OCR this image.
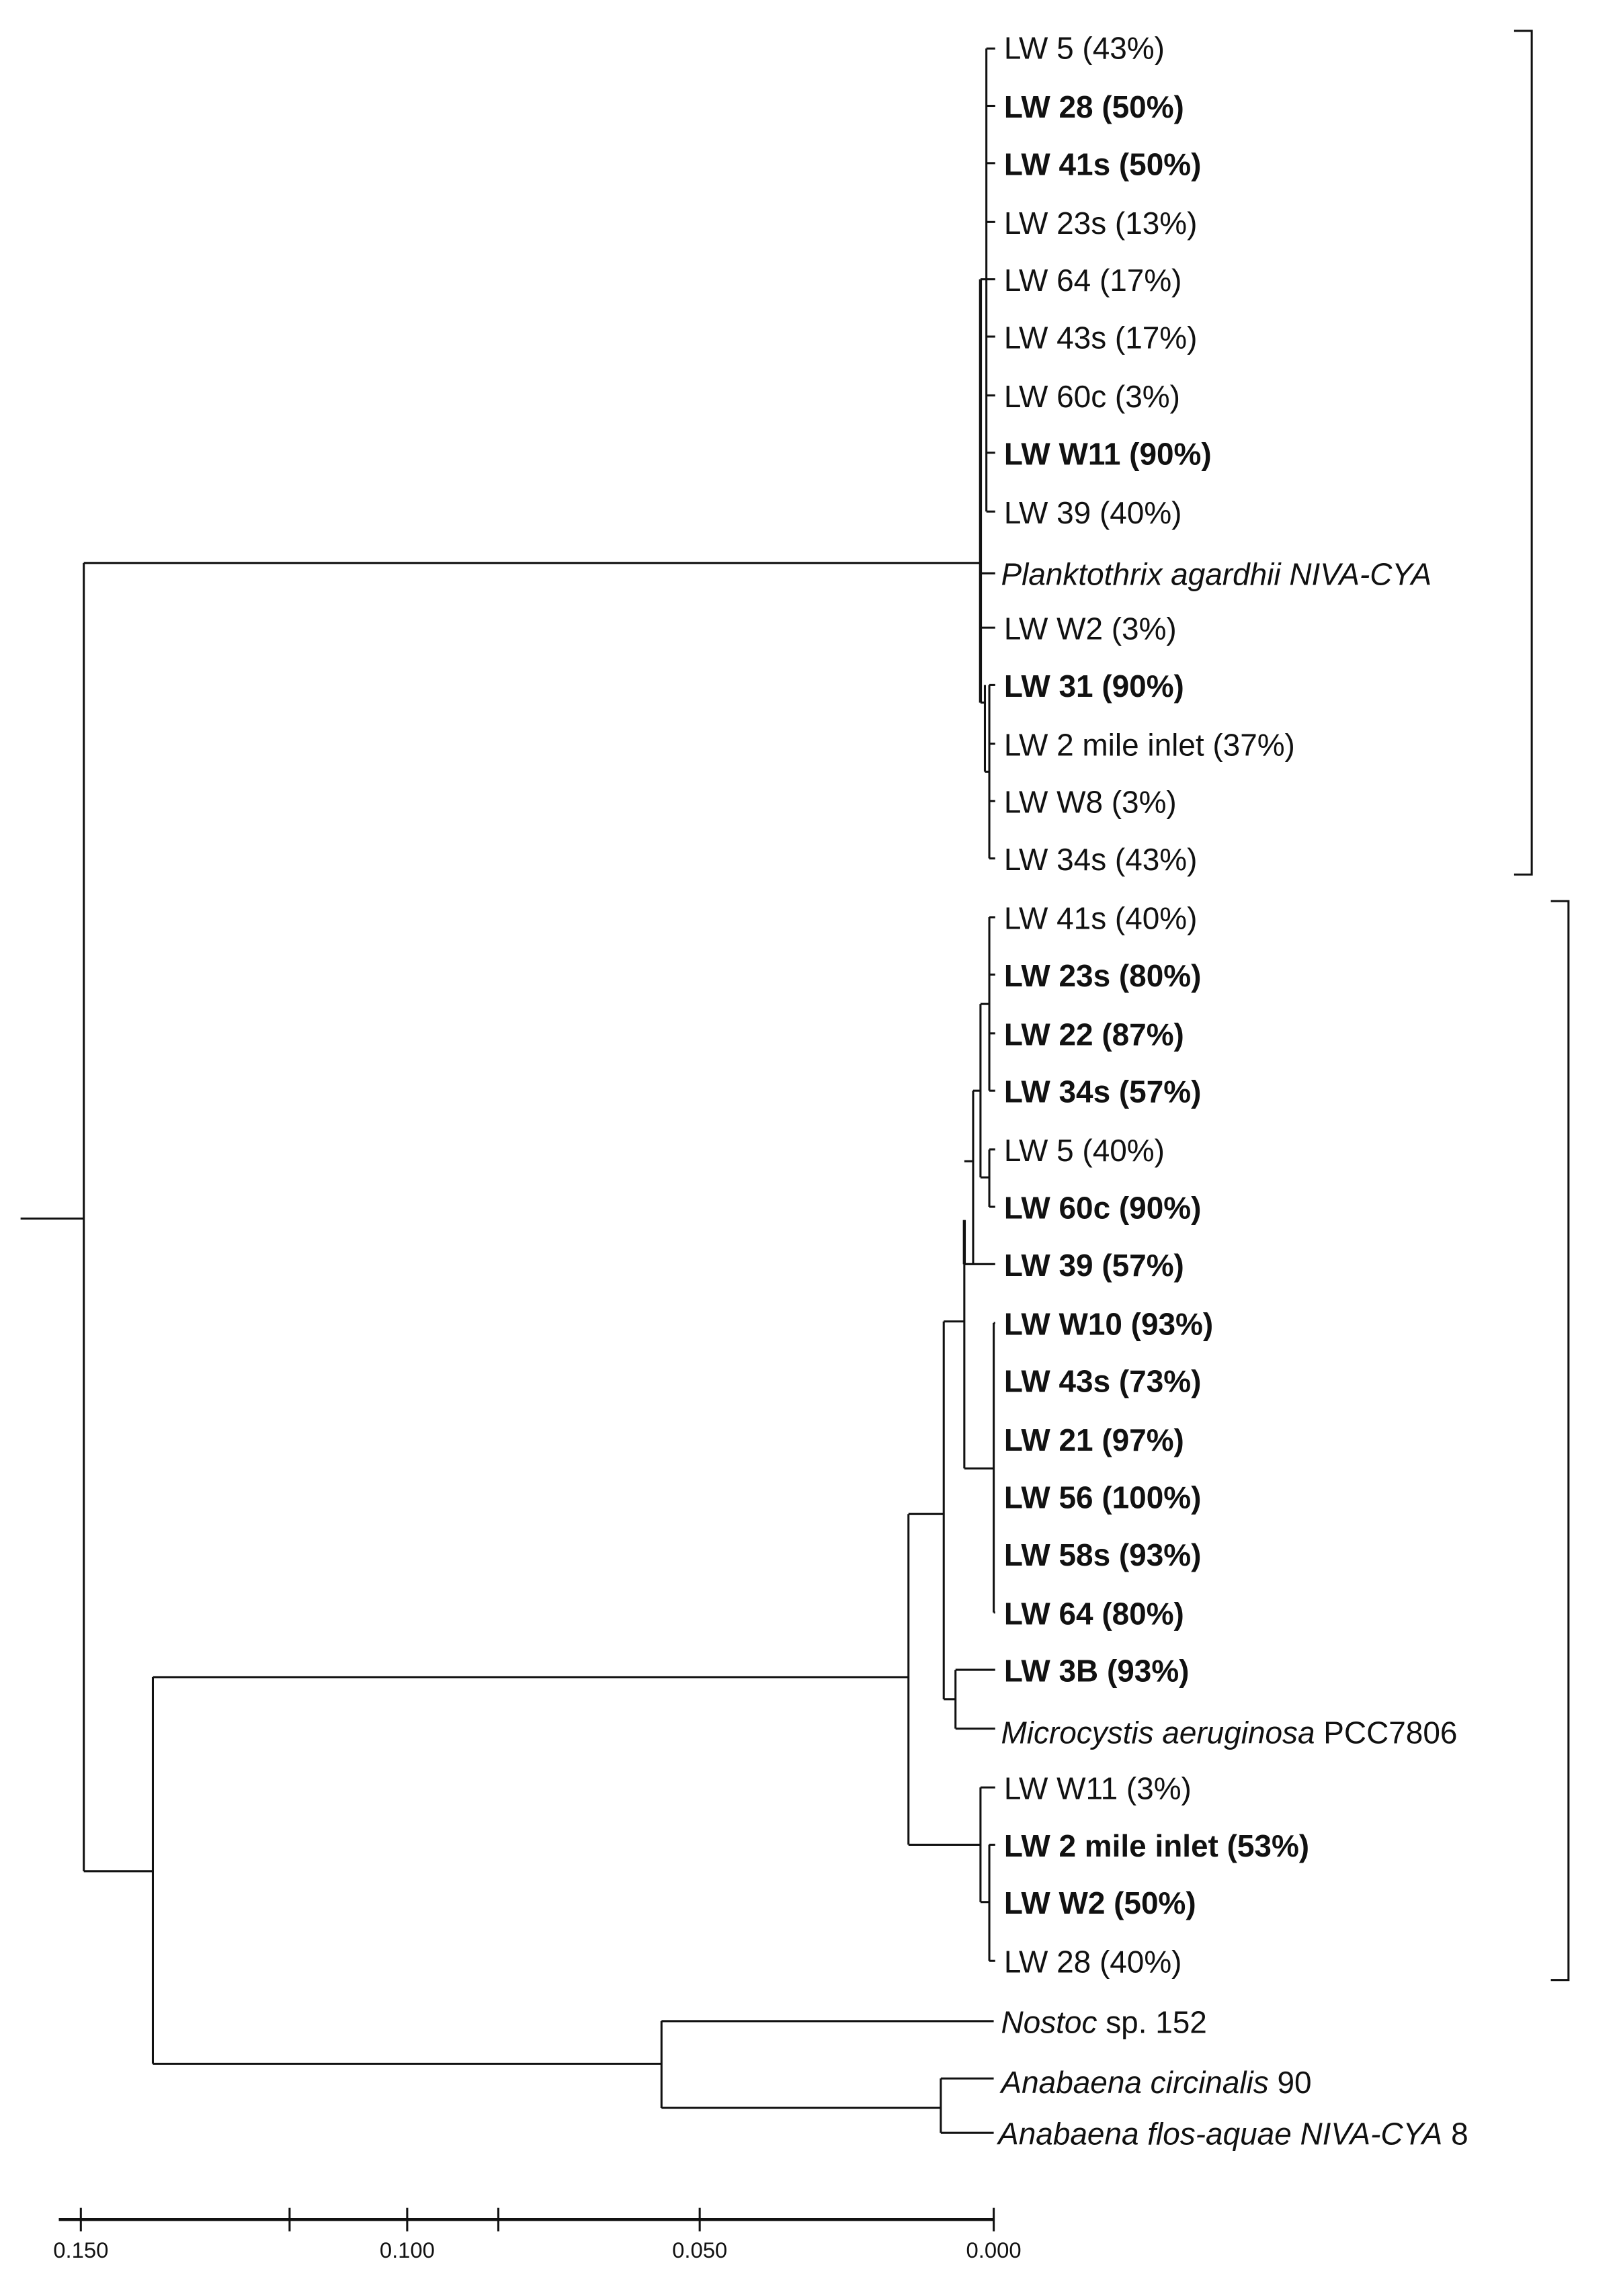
LW 5 (43%)
LW 28 (50%)
LW 41s (50%)
LW 23s (13%)
LW 64 (17%)
LW 43s (17%)
LW 60c (3%)
LW W11 (90%)
LW 39 (40%)
Planktothrix agardhii NIVA-CYA
LW W2 (3%)
LW 31 (90%)
LW 2 mile inlet (37%)
LW W8 (3%)
LW 34s (43%)
LW 41s (40%)
LW 23s (80%)
LW 22 (87%)
LW 34s (57%)
LW 5 (40%)
LW 60c (90%)
LW 39 (57%)
LW W10 (93%)
LW 43s (73%)
LW 21 (97%)
LW 56 (100%)
LW 58s (93%)
LW 64 (80%)
LW 3B (93%)
Microcystis aeruginosa PCC7806
LW W11 (3%)
LW 2 mile inlet (53%)
LW W2 (50%)
LW 28 (40%)
Nostoc sp. 152
Anabaena circinalis 90
Anabaena flos-aquae NIVA-CYA 8
0.150	0.100	0.050	0.000
